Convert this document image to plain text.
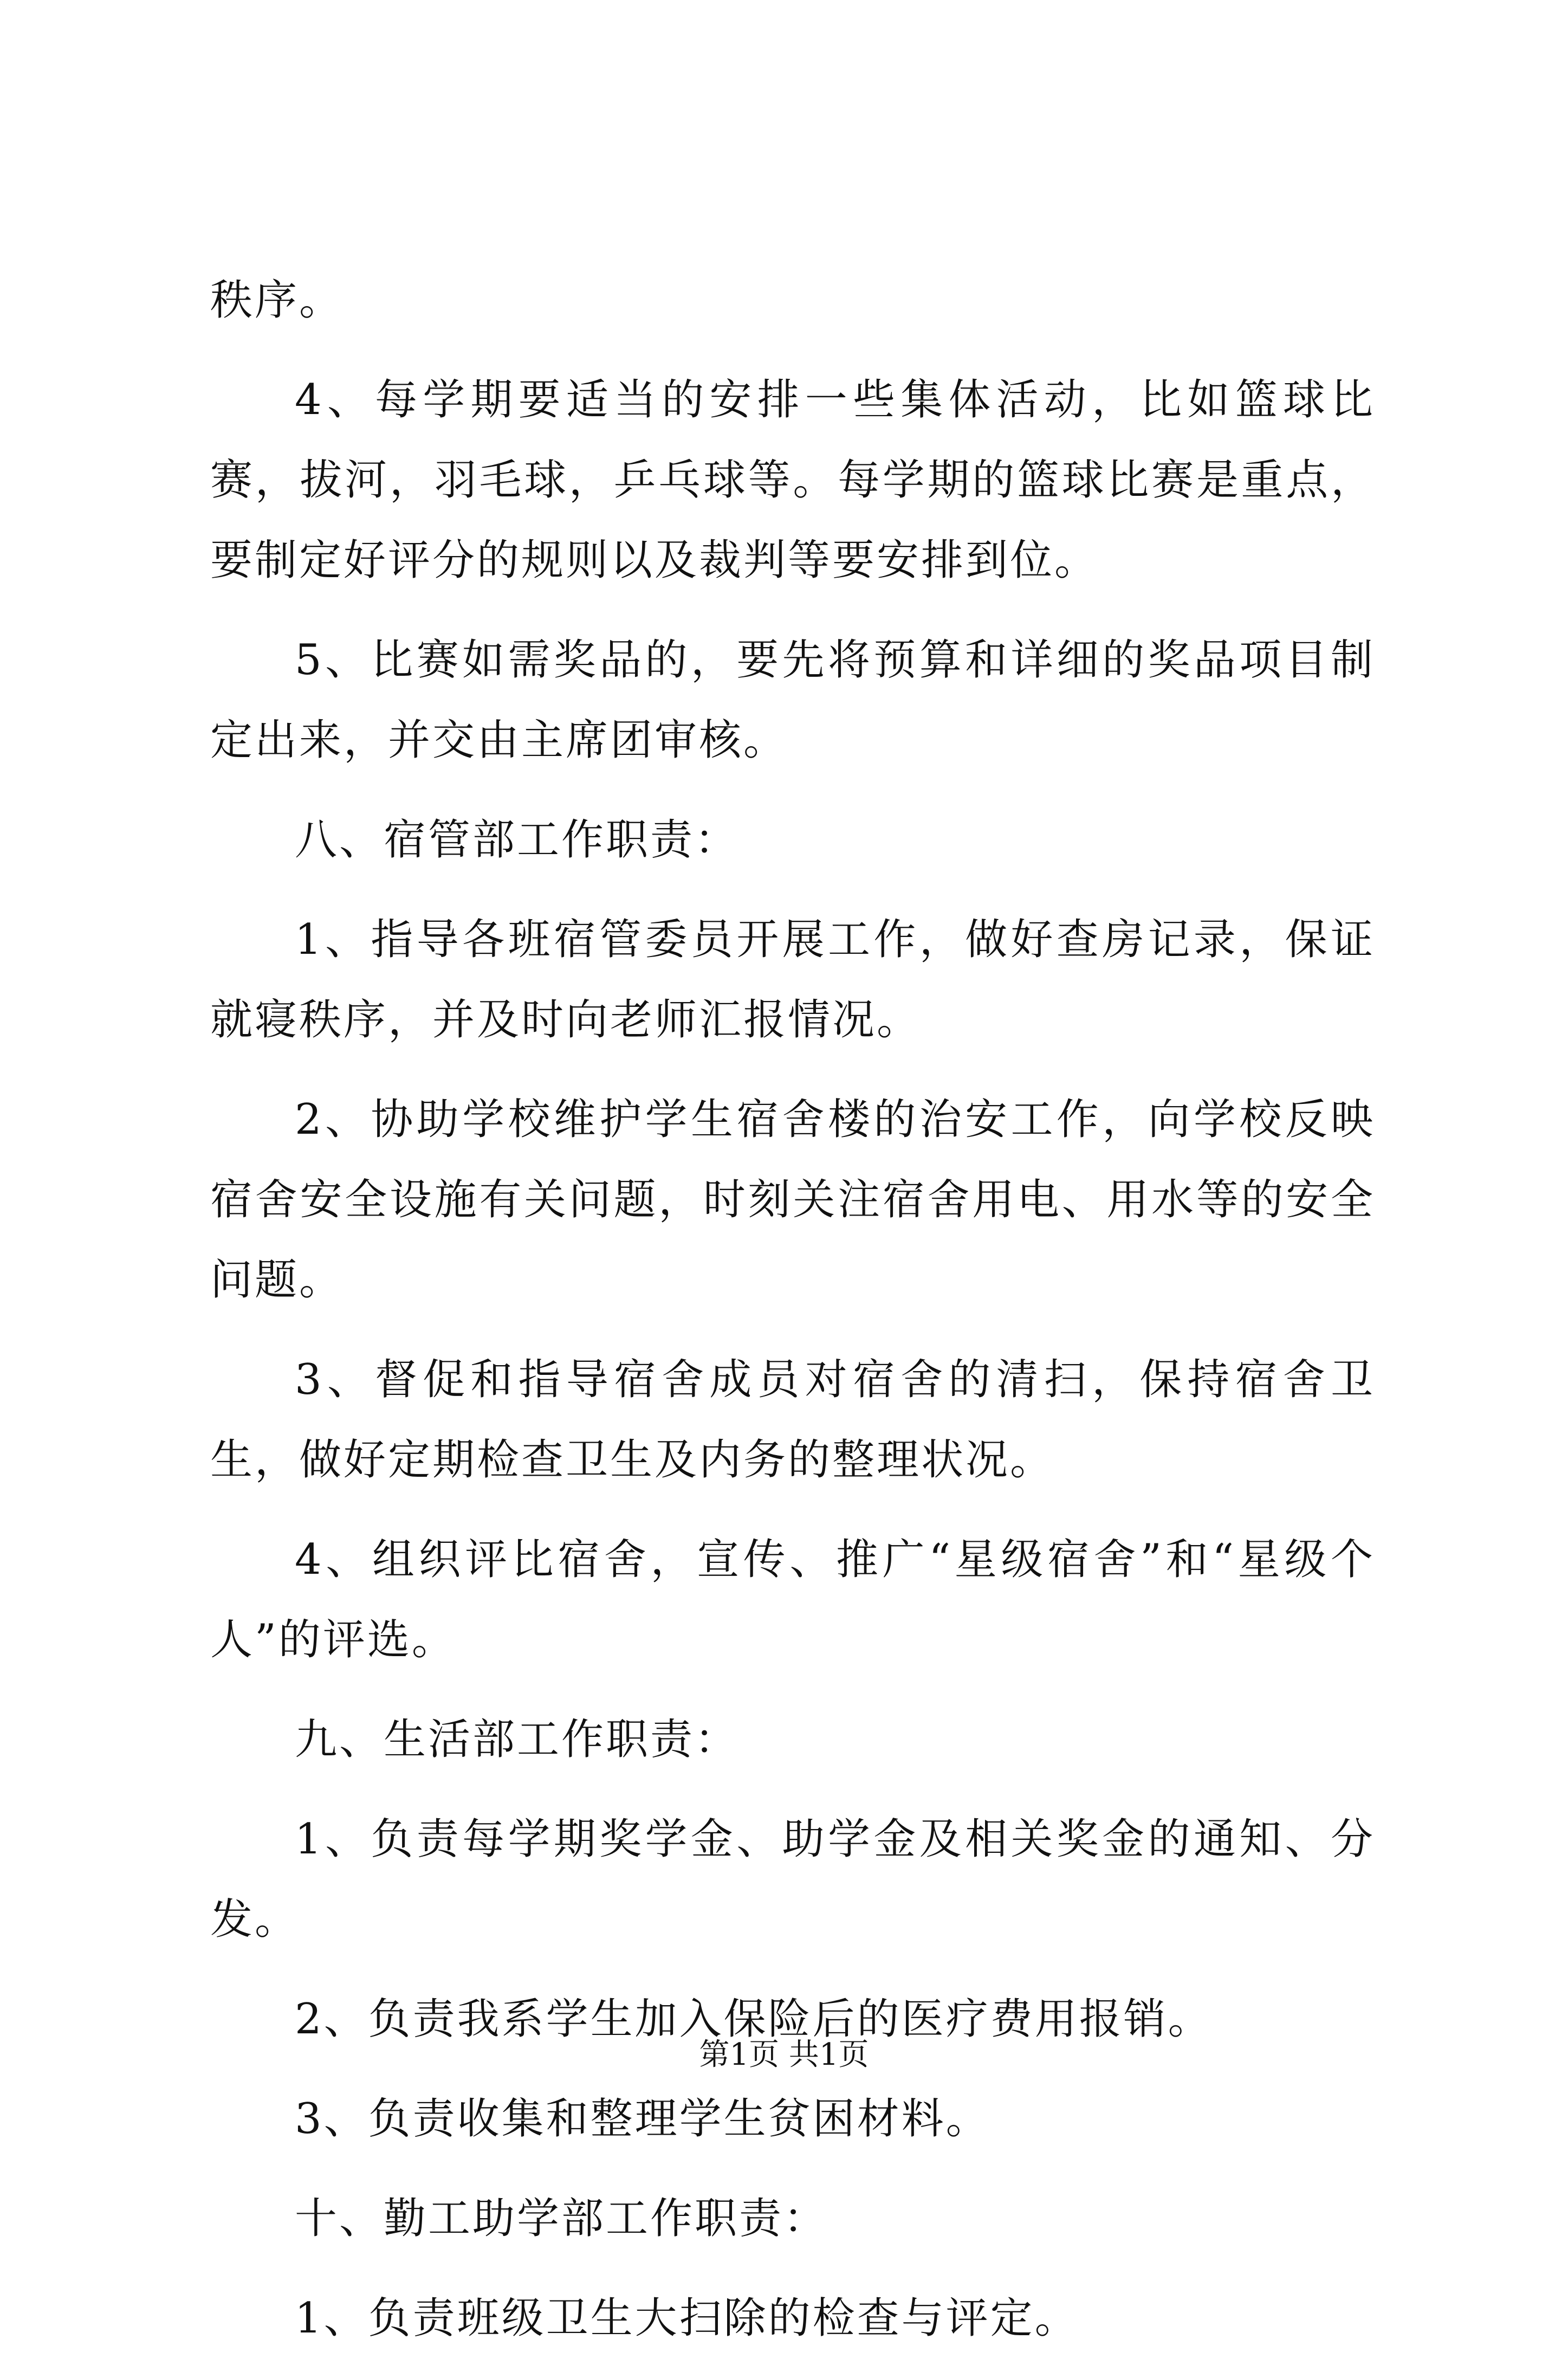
秩序。

4、每学期要适当的安排一些集体活动，比如篮球比赛，拔河，羽毛球，乒乓球等。每学期的篮球比赛是重点，要制定好评分的规则以及裁判等要安排到位。

5、比赛如需奖品的，要先将预算和详细的奖品项目制定出来，并交由主席团审核。

八、宿管部工作职责：

1、指导各班宿管委员开展工作，做好查房记录，保证就寝秩序，并及时向老师汇报情况。

2、协助学校维护学生宿舍楼的治安工作，向学校反映宿舍安全设施有关问题，时刻关注宿舍用电、用水等的安全问题。

3、督促和指导宿舍成员对宿舍的清扫，保持宿舍卫生，做好定期检查卫生及内务的整理状况。

4、组织评比宿舍，宣传、推广“星级宿舍”和“星级个人”的评选。

九、生活部工作职责：

1、负责每学期奖学金、助学金及相关奖金的通知、分发。

2、负责我系学生加入保险后的医疗费用报销。

3、负责收集和整理学生贫困材料。

十、勤工助学部工作职责：

1、负责班级卫生大扫除的检查与评定。

第1页 共1页
